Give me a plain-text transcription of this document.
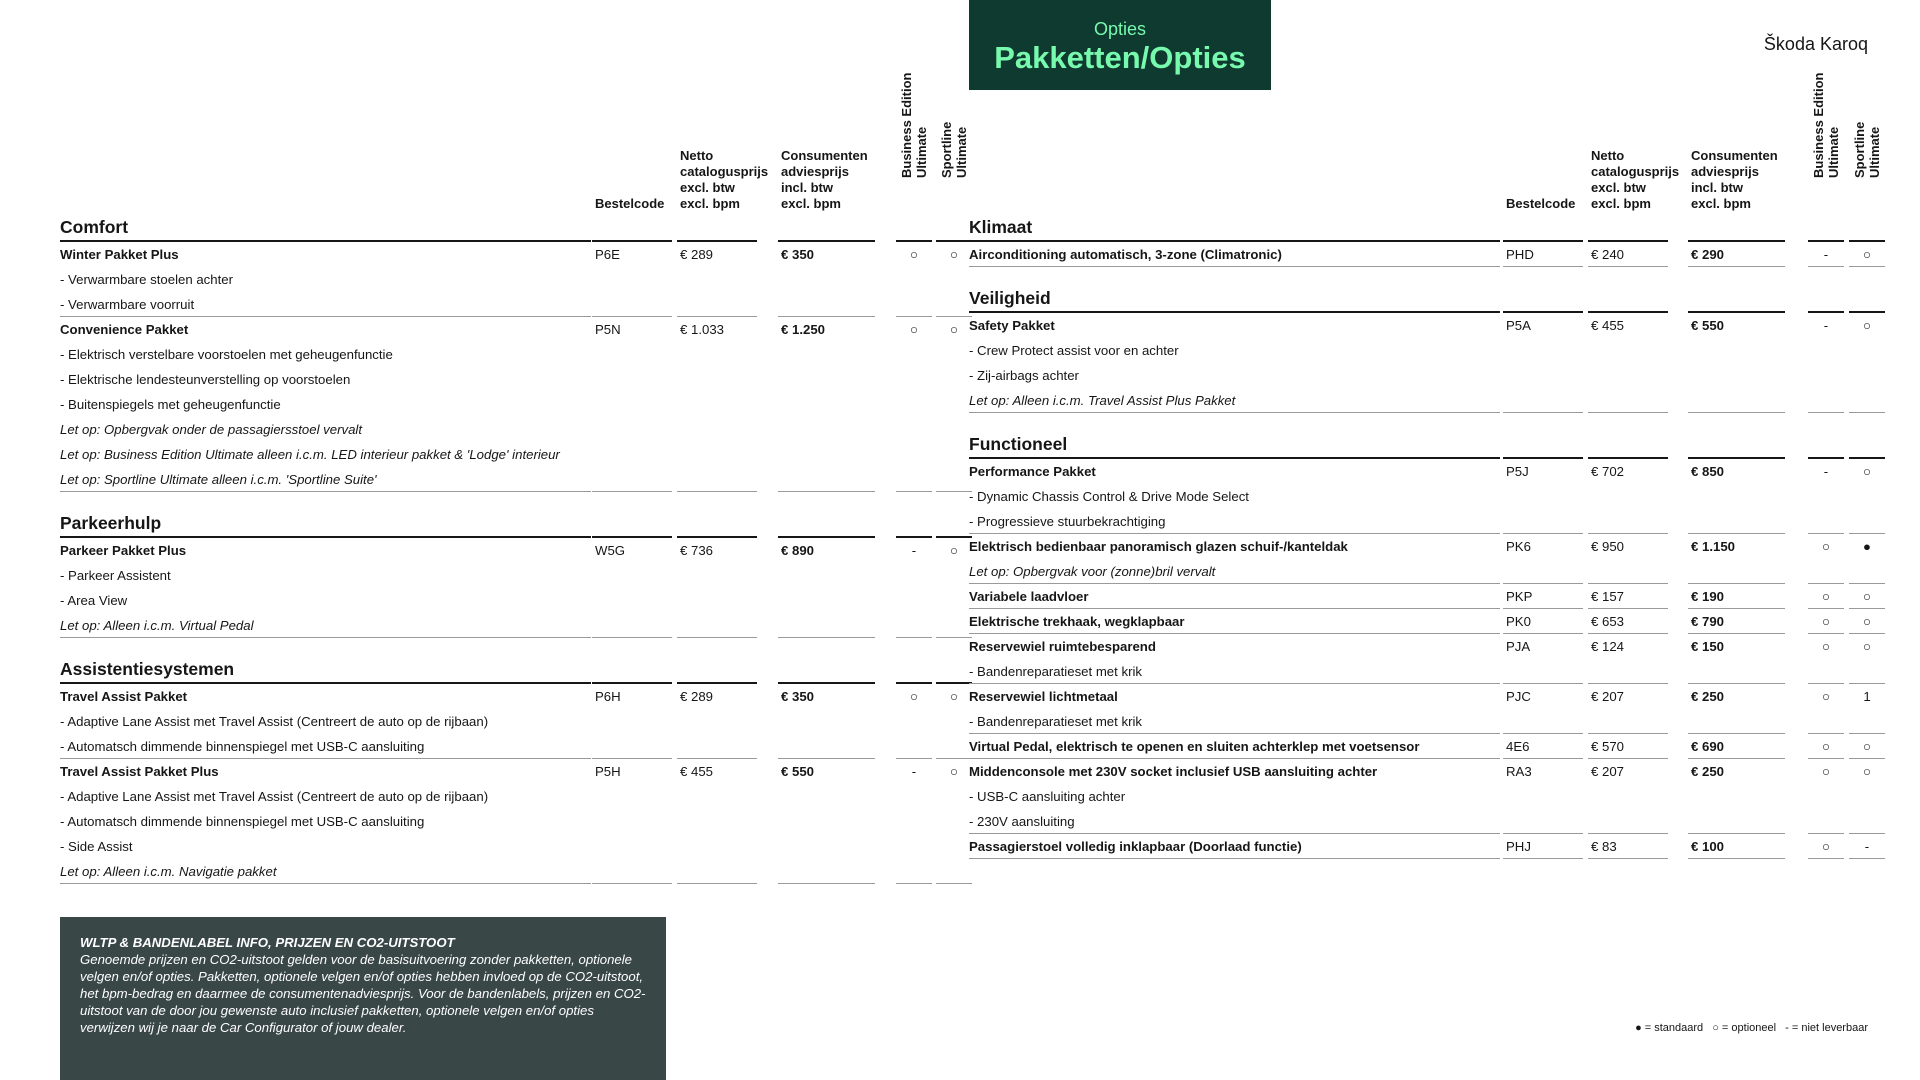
Opties
Pakketten/Opties	Škoda Karoq
Bestelcode
Netto
catalogusprijs
excl. btw
excl. bpm
Consumenten
adviesprijs
incl. btw
excl. bpm
Business Edition Ultimate Sportline Ultimate
Comfort
Winter Pakket Plus	P6E	€ 289	€ 350	○	○
- Verwarmbare stoelen achter
- Verwarmbare voorruit
Convenience Pakket	P5N	€ 1.033	€ 1.250	○	○
- Elektrisch verstelbare voorstoelen met geheugenfunctie
- Elektrische lendesteunverstelling op voorstoelen
- Buitenspiegels met geheugenfunctie
Let op: Opbergvak onder de passagiersstoel vervalt
Let op: Business Edition Ultimate alleen i.c.m. LED interieur pakket & 'Lodge' interieur
Let op: Sportline Ultimate alleen i.c.m. 'Sportline Suite'
Parkeerhulp
Parkeer Pakket Plus	W5G	€ 736	€ 890	-	○
- Parkeer Assistent
- Area View
Let op: Alleen i.c.m. Virtual Pedal
Assistentiesystemen
Travel Assist Pakket	P6H	€ 289	€ 350	○	○
- Adaptive Lane Assist met Travel Assist (Centreert de auto op de rijbaan)
- Automatsch dimmende binnenspiegel met USB-C aansluiting
Travel Assist Pakket Plus	P5H	€ 455	€ 550	-	○
- Adaptive Lane Assist met Travel Assist (Centreert de auto op de rijbaan)
- Automatsch dimmende binnenspiegel met USB-C aansluiting
- Side Assist
Let op: Alleen i.c.m. Navigatie pakket
Bestelcode
Netto
catalogusprijs
excl. btw
excl. bpm
Consumenten
adviesprijs
incl. btw
excl. bpm
Business Edition Ultimate Sportline Ultimate
Klimaat
Airconditioning automatisch, 3-zone (Climatronic)	PHD	€ 240	€ 290	-	○
Veiligheid
Safety Pakket	P5A	€ 455	€ 550	-	○
- Crew Protect assist voor en achter
- Zij-airbags achter
Let op: Alleen i.c.m. Travel Assist Plus Pakket
Functioneel
Performance Pakket	P5J	€ 702	€ 850	-	○
- Dynamic Chassis Control & Drive Mode Select
- Progressieve stuurbekrachtiging
Elektrisch bedienbaar panoramisch glazen schuif-/kanteldak	PK6	€ 950	€ 1.150	○	●
Let op: Opbergvak voor (zonne)bril vervalt
Variabele laadvloer	PKP	€ 157	€ 190	○	○
Elektrische trekhaak, wegklapbaar	PK0	€ 653	€ 790	○	○
Reservewiel ruimtebesparend	PJA	€ 124	€ 150	○	○
- Bandenreparatieset met krik
Reservewiel lichtmetaal	PJC	€ 207	€ 250	○	1
- Bandenreparatieset met krik
Virtual Pedal, elektrisch te openen en sluiten achterklep met voetsensor	4E6	€ 570	€ 690	○	○
Middenconsole met 230V socket inclusief USB aansluiting achter	RA3	€ 207	€ 250	○	○
- USB-C aansluiting achter
- 230V aansluiting
Passagierstoel volledig inklapbaar (Doorlaad functie)	PHJ	€ 83	€ 100	○	-
WLTP & BANDENLABEL INFO, PRIJZEN EN CO2-UITSTOOT
Genoemde prijzen en CO2-uitstoot gelden voor de basisuitvoering zonder pakketten, optionele velgen en/of opties. Pakketten, optionele velgen en/of opties hebben invloed op de CO2-uitstoot, het bpm-bedrag en daarmee de consumentenadviesprijs. Voor de bandenlabels, prijzen en CO2-uitstoot van de door jou gewenste auto inclusief pakketten, optionele velgen en/of opties verwijzen wij je naar de Car Configurator of jouw dealer.	● = standaard ○ = optioneel - = niet leverbaar
